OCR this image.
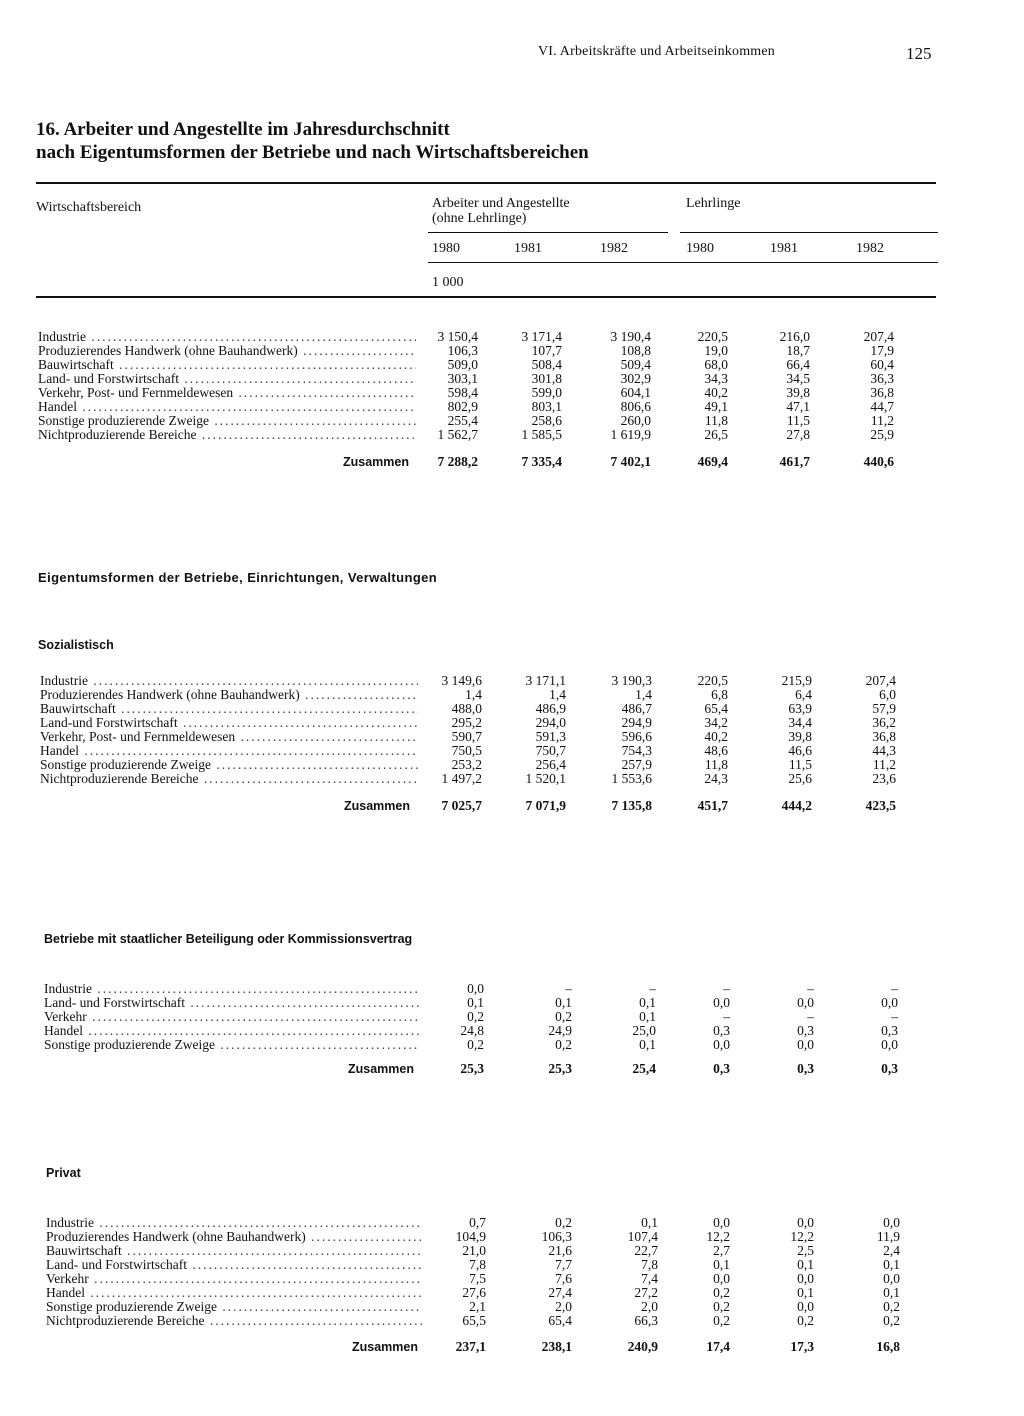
VI. Arbeitskräfte und Arbeitseinkommen	125
16. Arbeiter und Angestellte im Jahresdurchschnitt
nach Eigentumsformen der Betriebe und nach Wirtschaftsbereichen
Wirtschaftsbereich	Arbeiter und Angestellte
(ohne Lehrlinge)
Lehrlinge
1980	1981	1982	1980	1981	1982
1 000
Industrie .....	3 150,4	3 171,4	3 190,4	220,5	216,0	207,4
Produzierendes Handwerk (ohne Bauhandwerk) .....	106,3	107,7	108,8	19,0	18,7	17,9
Bauwirtschaft .....	509,0	508,4	509,4	68,0	66,4	60,4
Land- und Forstwirtschaft .....	303,1	301,8	302,9	34,3	34,5	36,3
Verkehr, Post- und Fernmeldewesen .....	598,4	599,0	604,1	40,2	39,8	36,8
Handel .....	802,9	803,1	806,6	49,1	47,1	44,7
Sonstige produzierende Zweige .....	255,4	258,6	260,0	11,8	11,5	11,2
Nichtproduzierende Bereiche .....	1 562,7	1 585,5	1 619,9	26,5	27,8	25,9
Zusammen 7 288,2	7 335,4	7 402,1	469,4	461,7	440,6
Eigentumsformen der Betriebe, Einrichtungen, Verwaltungen
Sozialistisch
Industrie .....	3 149,6	3 171,1	3 190,3	220,5	215,9	207,4
Produzierendes Handwerk (ohne Bauhandwerk) .....	1,4	1,4	1,4	6,8	6,4	6,0
Bauwirtschaft .....	488,0	486,9	486,7	65,4	63,9	57,9
Land-und Forstwirtschaft .....	295,2	294,0	294,9	34,2	34,4	36,2
Verkehr, Post- und Fernmeldewesen .....	590,7	591,3	596,6	40,2	39,8	36,8
Handel .....	750,5	750,7	754,3	48,6	46,6	44,3
Sonstige produzierende Zweige .....	253,2	256,4	257,9	11,8	11,5	11,2
Nichtproduzierende Bereiche .....	1 497,2	1 520,1	1 553,6	24,3	25,6	23,6
Zusammen 7 025,7	7 071,9	7 135,8	451,7	444,2	423,5
Betriebe mit staatlicher Beteiligung oder Kommissionsvertrag
Industrie .....	0,0	–	–	–	–	–
Land- und Forstwirtschaft .....	0,1	0,1	0,1	0,0	0,0	0,0
Verkehr .....	0,2	0,2	0,1	–	–	–
Handel .....	24,8	24,9	25,0	0,3	0,3	0,3
Sonstige produzierende Zweige .....	0,2	0,2	0,1	0,0	0,0	0,0
Zusammen	25,3	25,3	25,4	0,3	0,3	0,3
Privat
Industrie .....	0,7	0,2	0,1	0,0	0,0	0,0
Produzierendes Handwerk (ohne Bauhandwerk) .....	104,9	106,3	107,4	12,2	12,2	11,9
Bauwirtschaft .....	21,0	21,6	22,7	2,7	2,5	2,4
Land- und Forstwirtschaft .....	7,8	7,7	7,8	0,1	0,1	0,1
Verkehr .....	7,5	7,6	7,4	0,0	0,0	0,0
Handel .....	27,6	27,4	27,2	0,2	0,1	0,1
Sonstige produzierende Zweige .....	2,1	2,0	2,0	0,2	0,0	0,2
Nichtproduzierende Bereiche .....	65,5	65,4	66,3	0,2	0,2	0,2
Zusammen	237,1	238,1	240,9	17,4	17,3	16,8
